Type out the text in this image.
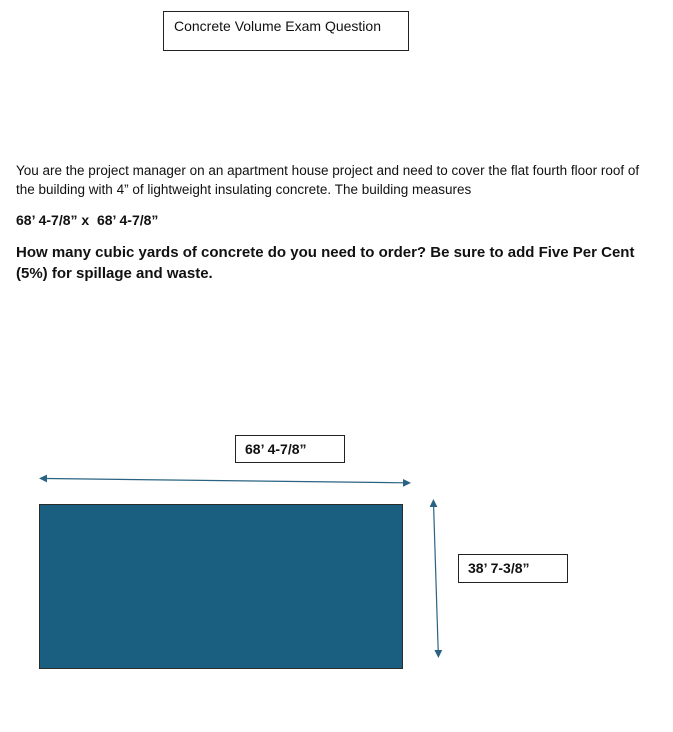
Concrete Volume Exam Question

You are the project manager on an apartment house project and need to cover the flat fourth floor roof of the building with 4” of lightweight insulating concrete. The building measures

68’ 4-7/8” x  68’ 4-7/8”

How many cubic yards of concrete do you need to order? Be sure to add Five Per Cent (5%) for spillage and waste.

68’ 4-7/8”
38’ 7-3/8”
